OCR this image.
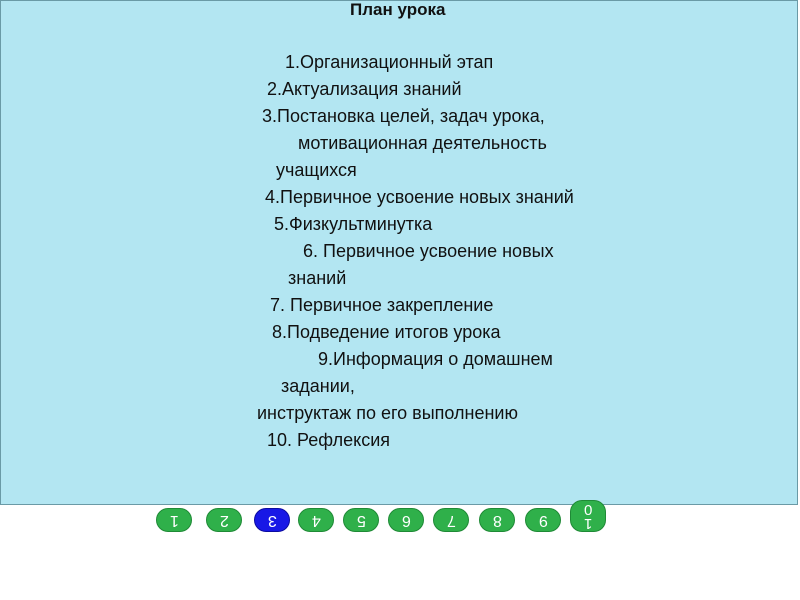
План урока
1.Организационный этап
2.Актуализация знаний
3.Постановка целей, задач урока,
мотивационная деятельность
учащихся
4.Первичное усвоение новых знаний
5.Физкультминутка
6. Первичное усвоение новых
знаний
7. Первичное закрепление
8.Подведение итогов урока
9.Информация о домашнем
задании,
инструктаж по его выполнению
10. Рефлексия
1	2 3 4 5 6 7 8 9 1
0
